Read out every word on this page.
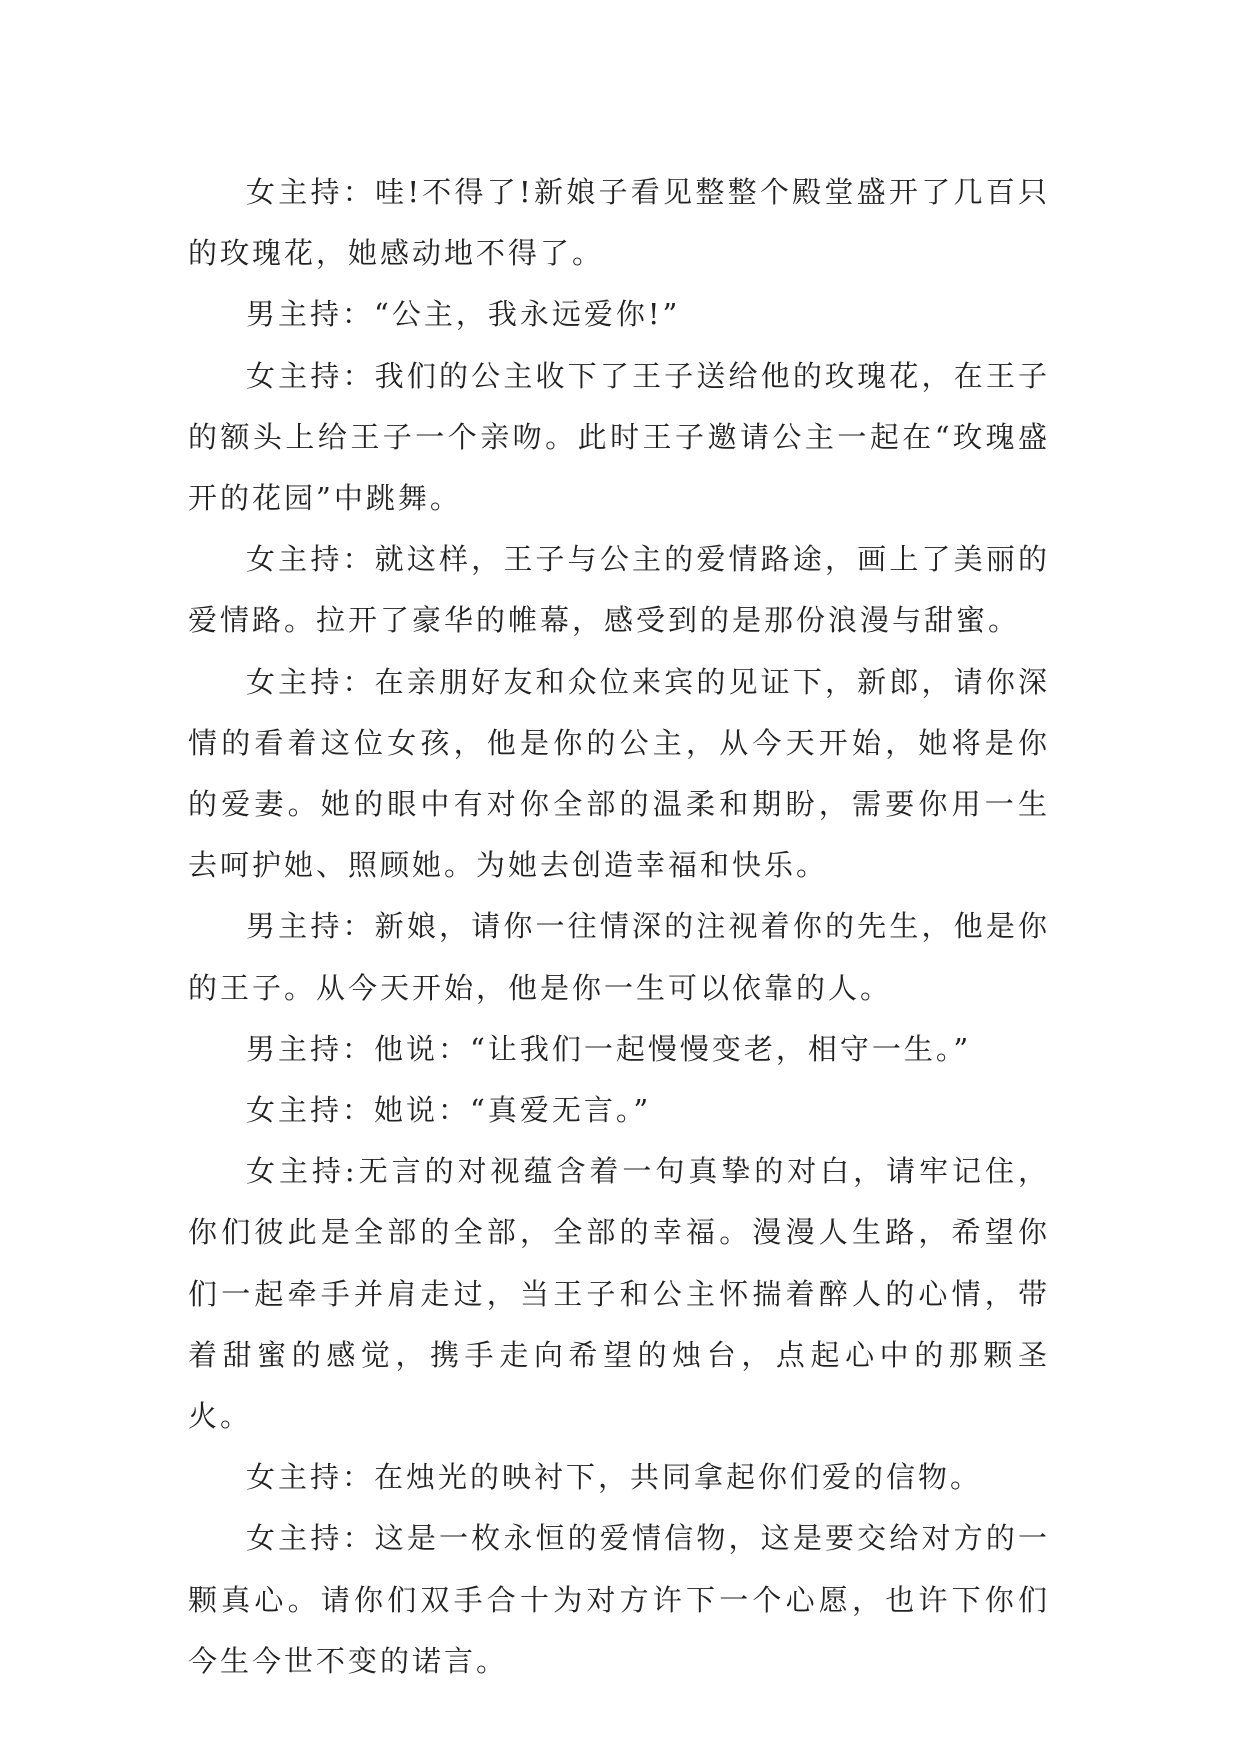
女主持：哇!不得了!新娘子看见整整个殿堂盛开了几百只的玫瑰花，她感动地不得了。

男主持：“公主，我永远爱你!”

女主持：我们的公主收下了王子送给他的玫瑰花，在王子的额头上给王子一个亲吻。此时王子邀请公主一起在“玫瑰盛开的花园”中跳舞。

女主持：就这样，王子与公主的爱情路途，画上了美丽的爱情路。拉开了豪华的帷幕，感受到的是那份浪漫与甜蜜。

女主持：在亲朋好友和众位来宾的见证下，新郎，请你深情的看着这位女孩，他是你的公主，从今天开始，她将是你的爱妻。她的眼中有对你全部的温柔和期盼，需要你用一生去呵护她、照顾她。为她去创造幸福和快乐。

男主持：新娘，请你一往情深的注视着你的先生，他是你的王子。从今天开始，他是你一生可以依靠的人。

男主持：他说：“让我们一起慢慢变老，相守一生。”

女主持：她说：“真爱无言。”

女主持:无言的对视蕴含着一句真挚的对白，请牢记住，你们彼此是全部的全部，全部的幸福。漫漫人生路，希望你们一起牵手并肩走过，当王子和公主怀揣着醉人的心情，带着甜蜜的感觉，携手走向希望的烛台，点起心中的那颗圣火。

女主持：在烛光的映衬下，共同拿起你们爱的信物。

女主持：这是一枚永恒的爱情信物，这是要交给对方的一颗真心。请你们双手合十为对方许下一个心愿，也许下你们今生今世不变的诺言。
